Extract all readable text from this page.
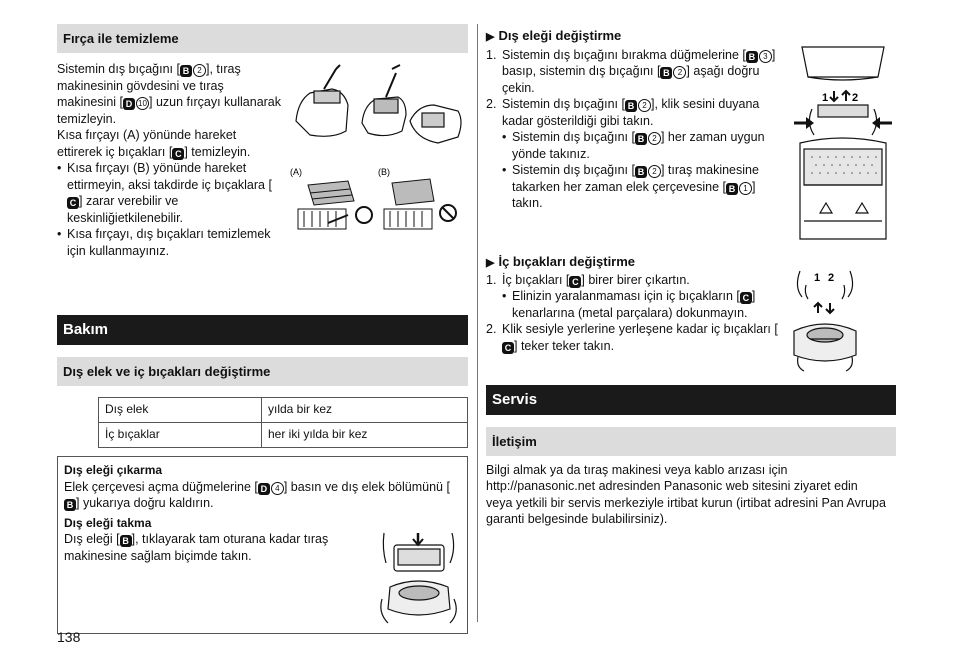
Fırça ile temizleme

Sistemin dış bıçağını [ B 2 ], tıraş makinesinin gövdesini ve tıraş makinesini [ D 10 ] uzun fırçayı kullanarak temizleyin.

Kısa fırçayı (A) yönünde hareket ettirerek iç bıçakları [ C ] temizleyin.

• Kısa fırçayı (B) yönünde hareket ettirmeyin, aksi takdirde iç bıçaklara [C ] zarar verebilir ve keskinliğietkilenebilir.
• Kısa fırçayı, dış bıçakları temizlemek için kullanmayınız.
(A)	(B)
Bakım
Dış elek ve iç bıçakları değiştirme
Dış elek	yılda bir kez
İç bıçaklar	her iki yılda bir kez

Dış eleği çıkarma

Elek çerçevesi açma düğmelerine [ D 4 ] basın ve dış elek bölümünü [B ] yukarıya doğru kaldırın.

Dış eleği takma

Dış eleği [ B ], tıklayarak tam oturana kadar tıraş makinesine sağlam biçimde takın.

138

▶ Dış eleği değiştirme

1. Sistemin dış bıçağını bırakma düğmelerine [ B 3 ] basıp, sistemin dış bıçağını [ B 2 ] aşağı doğru çekin.
2. Sistemin dış bıçağını [ B 2 ], klik sesini duyana kadar gösterildiği gibi takın.
• Sistemin dış bıçağını [ B 2 ] her zaman uygun yönde takınız.
• Sistemin dış bıçağını [ B 2 ] tıraş makinesine takarken her zaman elek çerçevesine [ B 1 ] takın.
1 2

▶ İç bıçakları değiştirme

1. İç bıçakları [ C ] birer birer çıkartın.
• Elinizin yaralanmaması için iç bıçakların [ C ] kenarlarına (metal parçalara) dokunmayın.
2. Klik sesiyle yerlerine yerleşene kadar iç bıçakları [C ] teker teker takın.
1 2
Servis
İletişim

Bilgi almak ya da tıraş makinesi veya kablo arızası için http://panasonic.net adresinden Panasonic web sitesini ziyaret edin veya yetkili bir servis merkeziyle irtibat kurun (irtibat adresini Pan Avrupa garanti belgesinde bulabilirsiniz).
